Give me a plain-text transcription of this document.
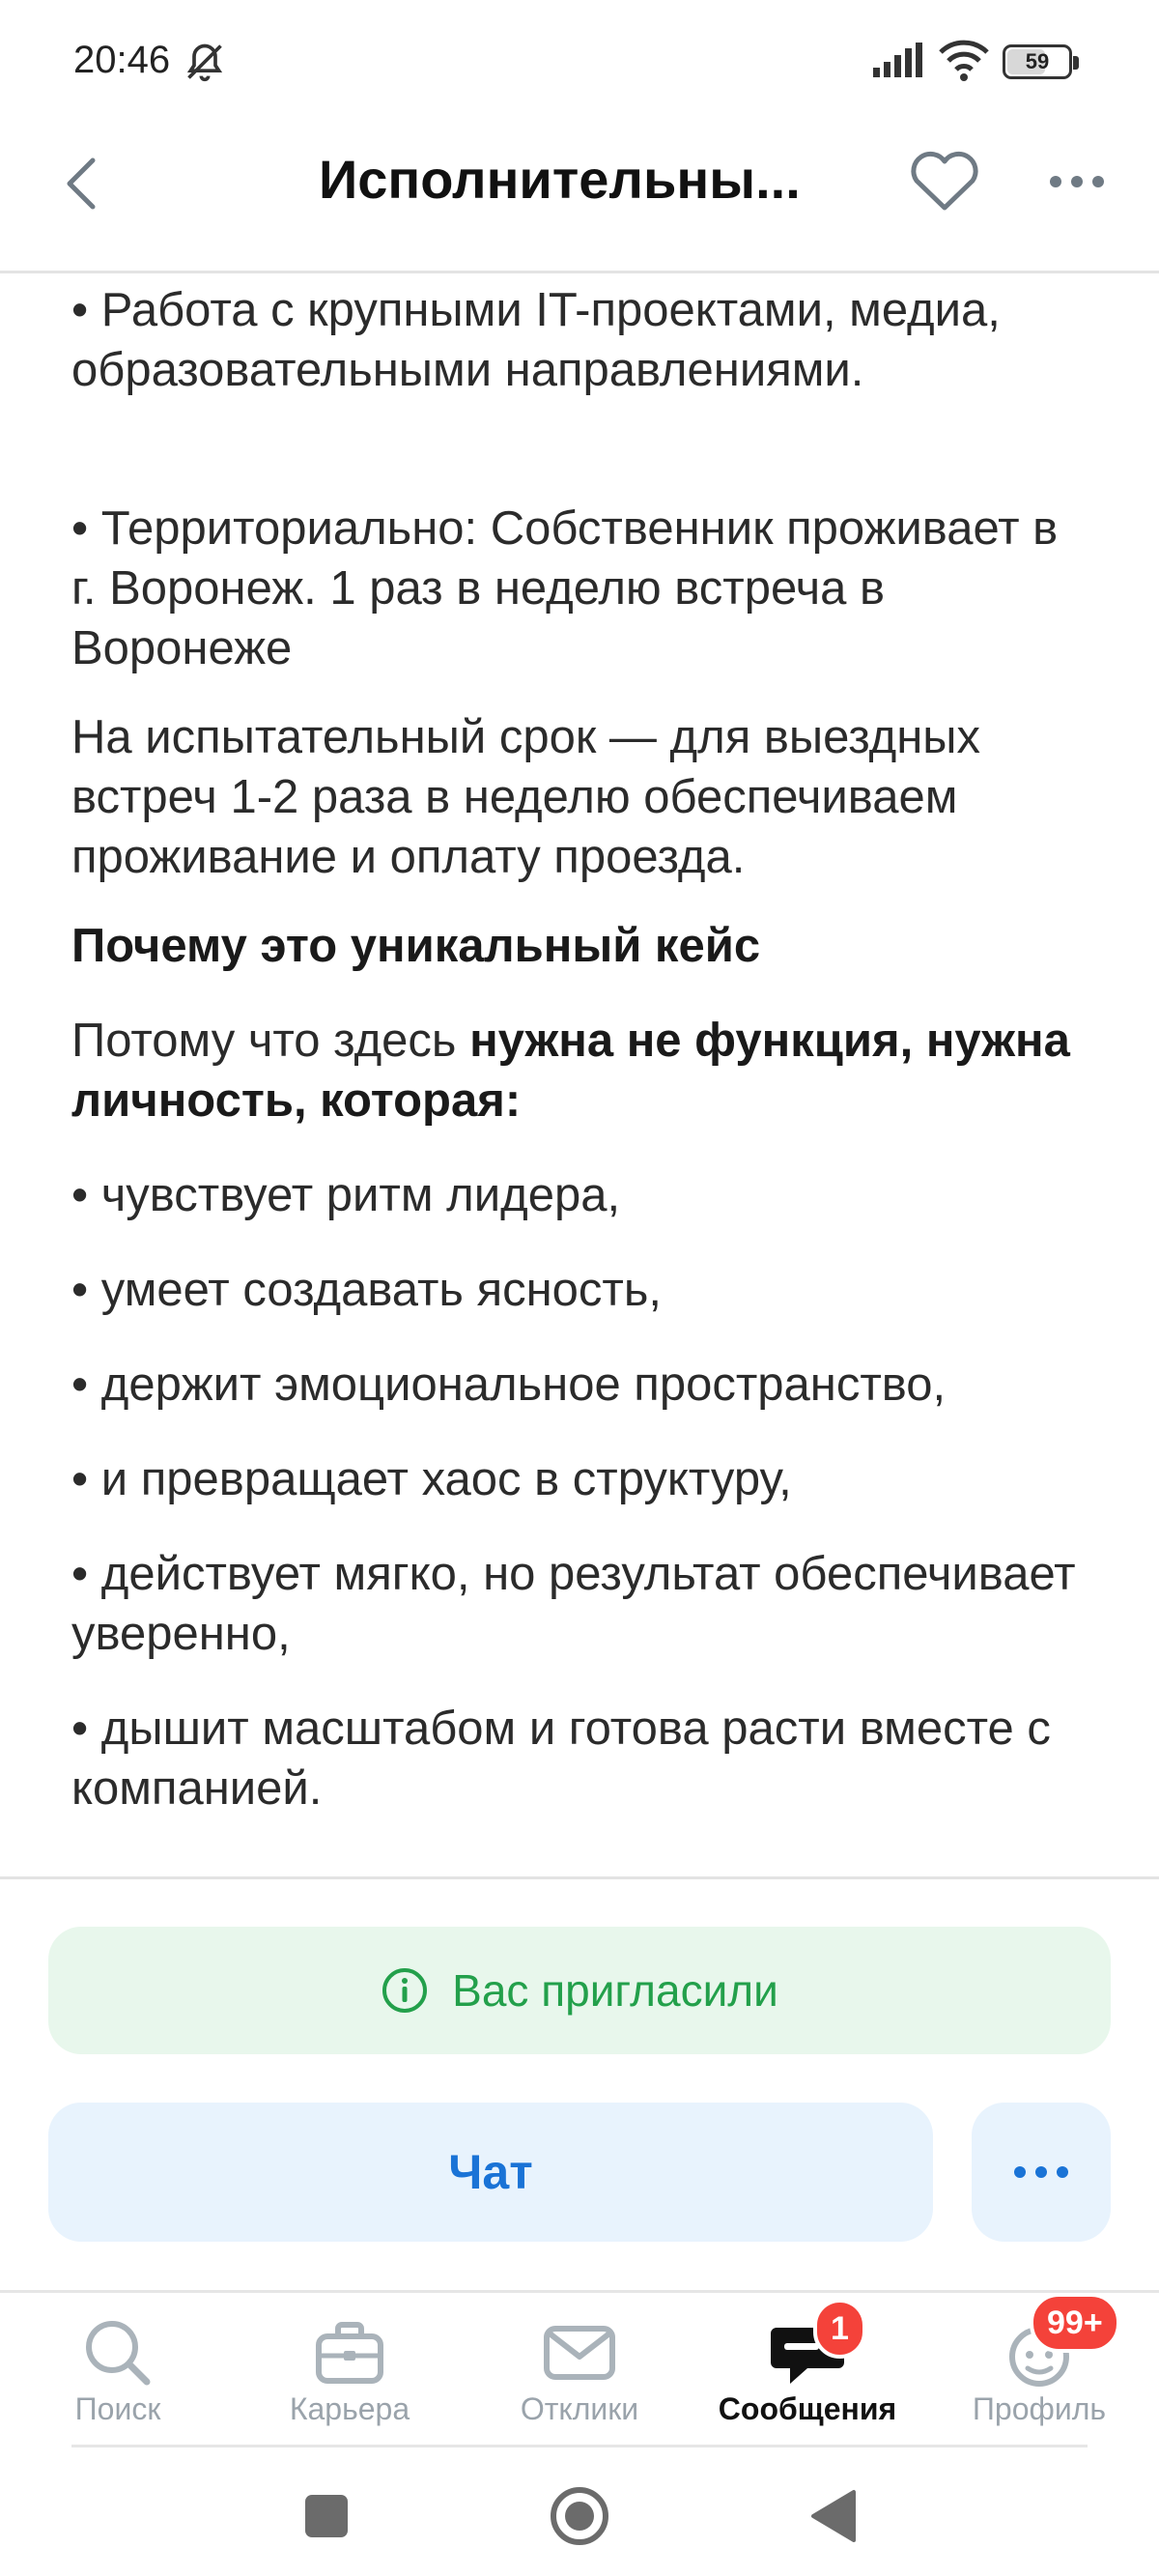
20:46	59
Исполнительны...

• Работа с крупными IT-проектами, медиа, образовательными направлениями.

• Территориально: Собственник проживает в г. Воронеж. 1 раз в неделю встреча в Воронеже

На испытательный срок — для выездных встреч 1-2 раза в неделю обеспечиваем проживание и оплату проезда.

Почему это уникальный кейс

Потому что здесь нужна не функция, нужна личность, которая:

• чувствует ритм лидера,

• умеет создавать ясность,

• держит эмоциональное пространство,

• и превращает хаос в структуру,

• действует мягко, но результат обеспечивает уверенно,

• дышит масштабом и готова расти вместе с компанией.

Вас пригласили
Чат
Поиск	Карьера	Отклики
1
Сообщения
99+
Профиль
